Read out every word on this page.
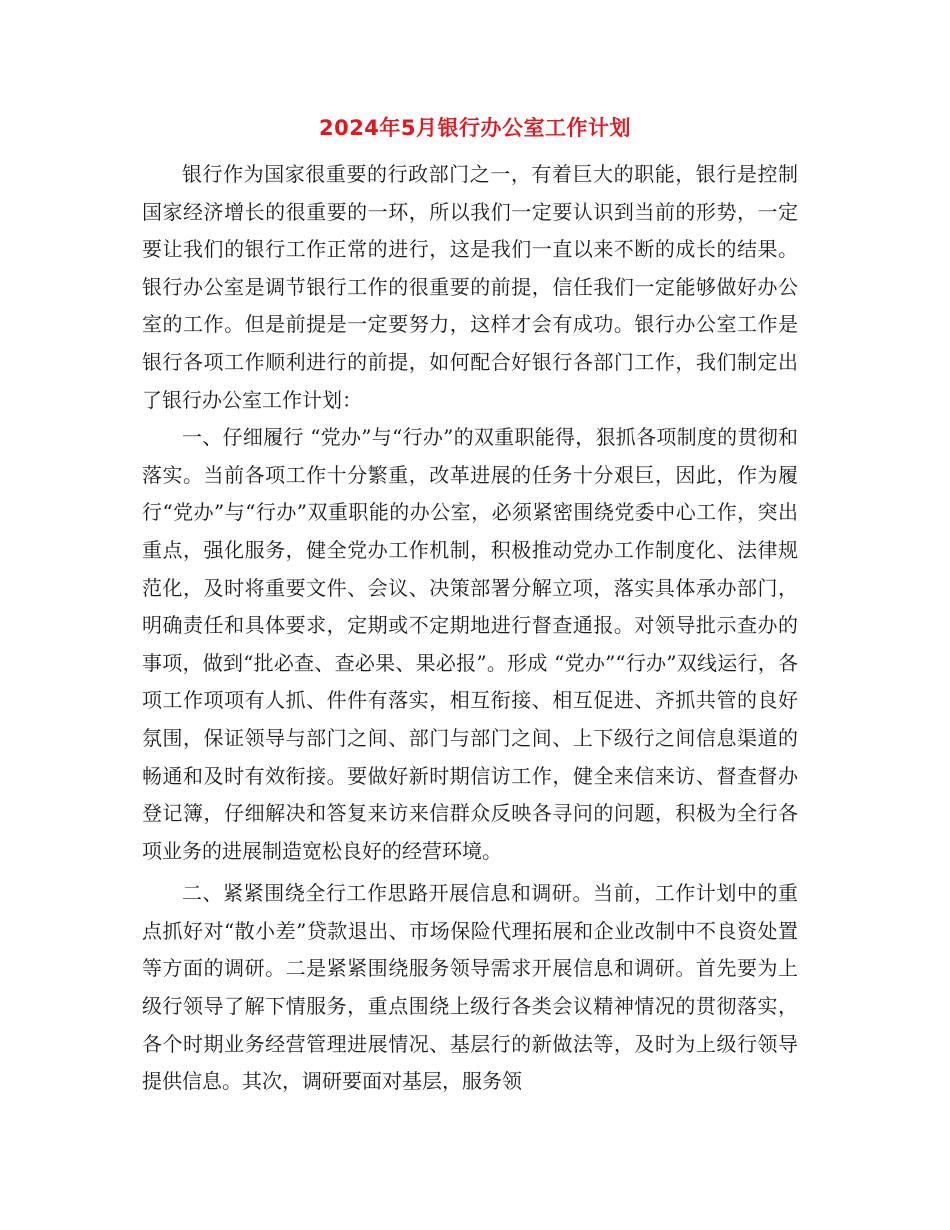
2024年5月银行办公室工作计划

银行作为国家很重要的行政部门之一，有着巨大的职能，银行是控制国家经济增长的很重要的一环，所以我们一定要认识到当前的形势，一定要让我们的银行工作正常的进行，这是我们一直以来不断的成长的结果。银行办公室是调节银行工作的很重要的前提，信任我们一定能够做好办公室的工作。但是前提是一定要努力，这样才会有成功。银行办公室工作是银行各项工作顺利进行的前提，如何配合好银行各部门工作，我们制定出了银行办公室工作计划：

一、仔细履行 “党办”与“行办”的双重职能得，狠抓各项制度的贯彻和落实。当前各项工作十分繁重，改革进展的任务十分艰巨，因此，作为履行“党办”与“行办”双重职能的办公室，必须紧密围绕党委中心工作，突出重点，强化服务，健全党办工作机制，积极推动党办工作制度化、法律规范化，及时将重要文件、会议、决策部署分解立项，落实具体承办部门，明确责任和具体要求，定期或不定期地进行督查通报。对领导批示查办的事项，做到“批必查、查必果、果必报”。形成 “党办”“行办”双线运行，各项工作项项有人抓、件件有落实，相互衔接、相互促进、齐抓共管的良好氛围，保证领导与部门之间、部门与部门之间、上下级行之间信息渠道的畅通和及时有效衔接。要做好新时期信访工作，健全来信来访、督查督办登记簿，仔细解决和答复来访来信群众反映各寻问的问题，积极为全行各项业务的进展制造宽松良好的经营环境。

二、紧紧围绕全行工作思路开展信息和调研。当前，工作计划中的重点抓好对“散小差”贷款退出、市场保险代理拓展和企业改制中不良资处置等方面的调研。二是紧紧围绕服务领导需求开展信息和调研。首先要为上级行领导了解下情服务，重点围绕上级行各类会议精神情况的贯彻落实，各个时期业务经营管理进展情况、基层行的新做法等，及时为上级行领导提供信息。其次，调研要面对基层，服务领
